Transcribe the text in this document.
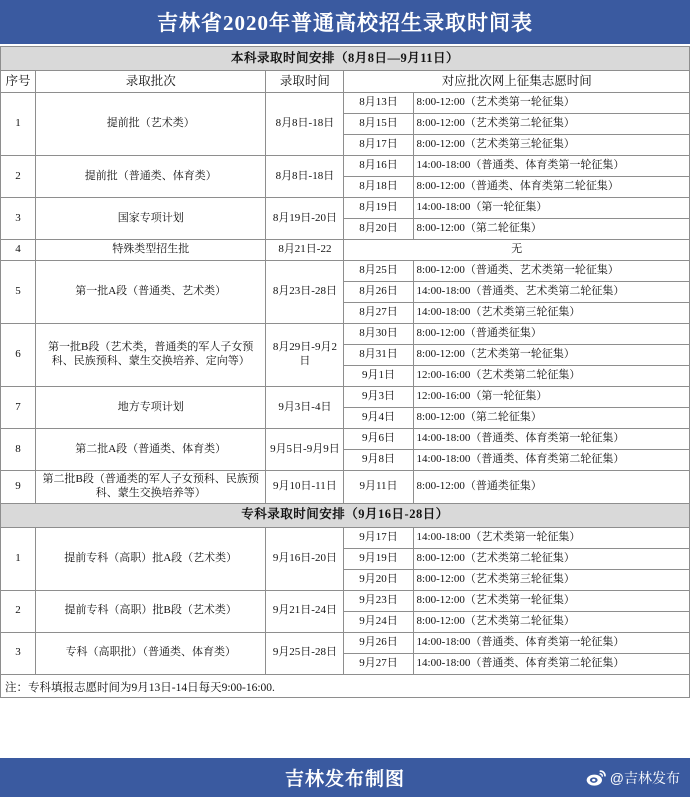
吉林省2020年普通高校招生录取时间表
本科录取时间安排（8月8日—9月11日）				
序号	录取批次	录取时间	对应批次网上征集志愿时间	
1	提前批（艺术类）	8月8日-18日	8月13日	8:00-12:00（艺术类第一轮征集）
			8月15日	8:00-12:00（艺术类第二轮征集）
			8月17日	8:00-12:00（艺术类第三轮征集）
2	提前批（普通类、体育类）	8月8日-18日	8月16日	14:00-18:00（普通类、体育类第一轮征集）
			8月18日	8:00-12:00（普通类、体育类第二轮征集）
3	国家专项计划	8月19日-20日	8月19日	14:00-18:00（第一轮征集）
			8月20日	8:00-12:00（第二轮征集）
4	特殊类型招生批	8月21日-22	无	
5	第一批A段（普通类、艺术类）	8月23日-28日	8月25日	8:00-12:00（普通类、艺术类第一轮征集）
			8月26日	14:00-18:00（普通类、艺术类第二轮征集）
			8月27日	14:00-18:00（艺术类第三轮征集）
6	第一批B段（艺术类，普通类的军人子女预科、民族预科、蒙生交换培养、定向等）	8月29日-9月2日	8月30日	8:00-12:00（普通类征集）
			8月31日	8:00-12:00（艺术类第一轮征集）
			9月1日	12:00-16:00（艺术类第二轮征集）
7	地方专项计划	9月3日-4日	9月3日	12:00-16:00（第一轮征集）
			9月4日	8:00-12:00（第二轮征集）
8	第二批A段（普通类、体育类）	9月5日-9月9日	9月6日	14:00-18:00（普通类、体育类第一轮征集）
			9月8日	14:00-18:00（普通类、体育类第二轮征集）
9	第二批B段（普通类的军人子女预科、民族预科、蒙生交换培养等）	9月10日-11日	9月11日	8:00-12:00（普通类征集）
专科录取时间安排（9月16日-28日）				
1	提前专科（高职）批A段（艺术类）	9月16日-20日	9月17日	14:00-18:00（艺术类第一轮征集）
			9月19日	8:00-12:00（艺术类第二轮征集）
			9月20日	8:00-12:00（艺术类第三轮征集）
2	提前专科（高职）批B段（艺术类）	9月21日-24日	9月23日	8:00-12:00（艺术类第一轮征集）
			9月24日	8:00-12:00（艺术类第二轮征集）
3	专科（高职批）（普通类、体育类）	9月25日-28日	9月26日	14:00-18:00（普通类、体育类第一轮征集）
			9月27日	14:00-18:00（普通类、体育类第二轮征集）
注：专科填报志愿时间为9月13日-14日每天9:00-16:00.
吉林发布制图	@吉林发布
